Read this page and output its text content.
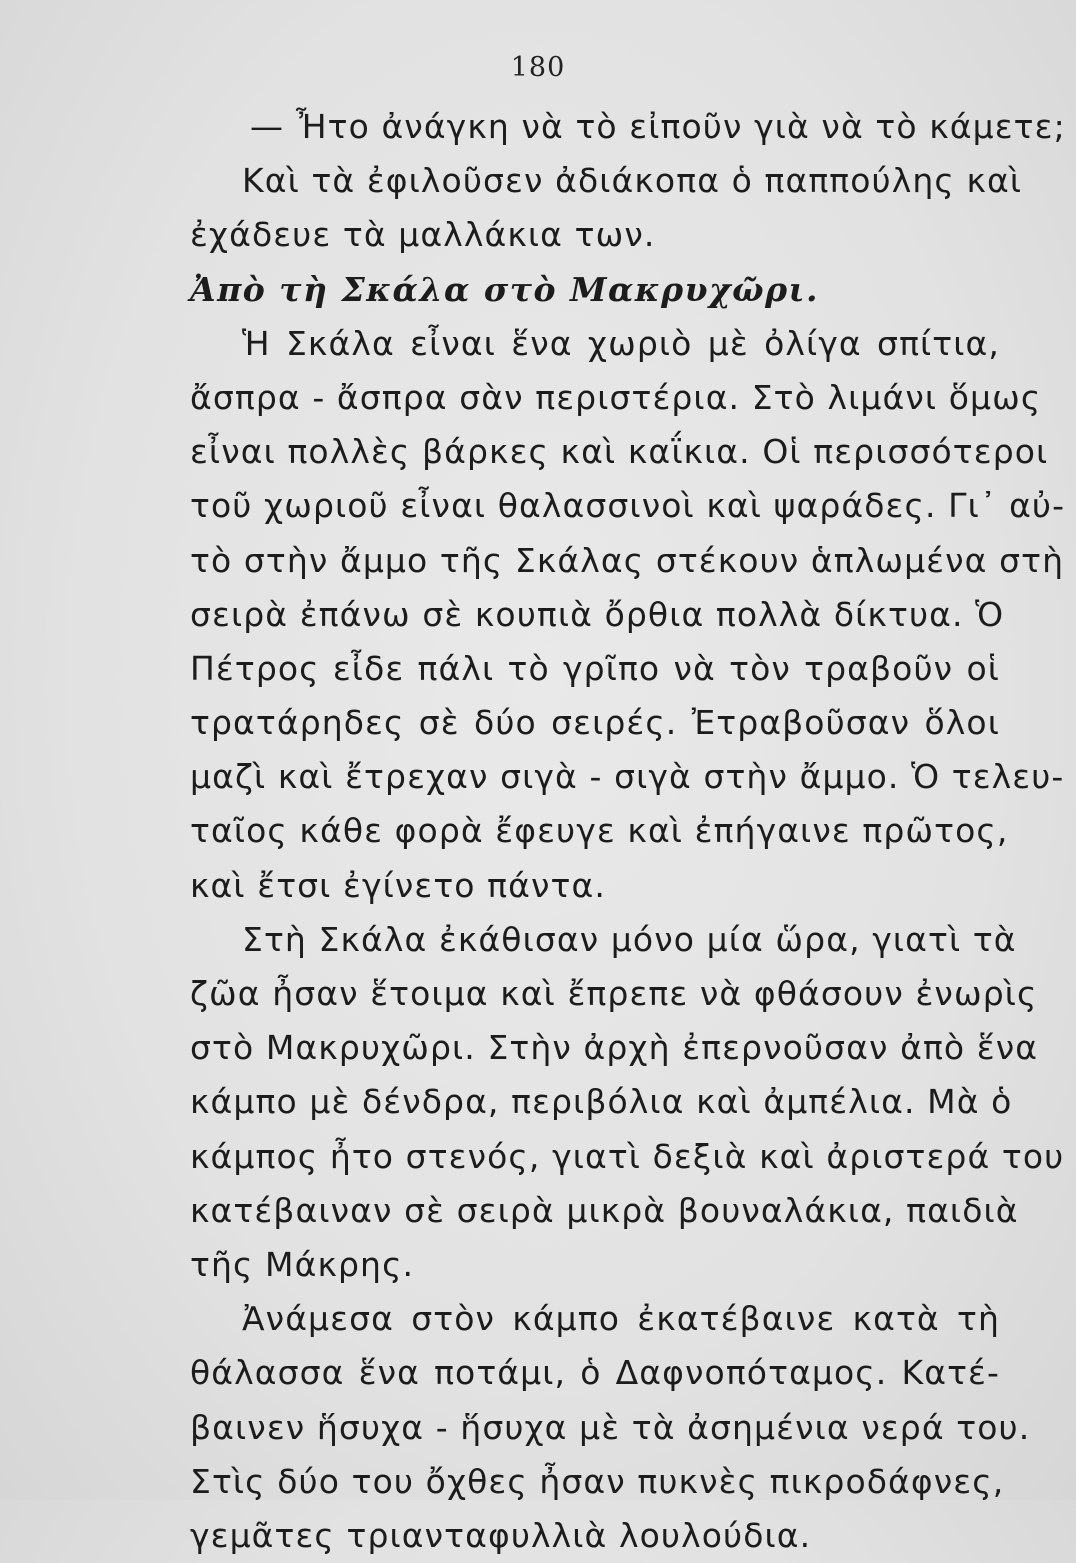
180
— Ἦτο ἀνάγκη νὰ τὸ εἰποῦν γιὰ νὰ τὸ κάμετε;
Καὶ τὰ ἐφιλοῦσεν ἀδιάκοπα ὁ παππούλης καὶ
ἐχάδευε τὰ μαλλάκια των.
Ἀπὸ τὴ Σκάλα στὸ Μακρυχῶρι.
Ἡ Σκάλα εἶναι ἕνα χωριὸ μὲ ὀλίγα σπίτια,
ἄσπρα - ἄσπρα σὰν περιστέρια. Στὸ λιμάνι ὅμως
εἶναι πολλὲς βάρκες καὶ καΐκια. Οἱ περισσότεροι
τοῦ χωριοῦ εἶναι θαλασσινοὶ καὶ ψαράδες. Γι᾿ αὐ-
τὸ στὴν ἄμμο τῆς Σκάλας στέκουν ἁπλωμένα στὴ
σειρὰ ἐπάνω σὲ κουπιὰ ὄρθια πολλὰ δίκτυα. Ὁ
Πέτρος εἶδε πάλι τὸ γρῖπο νὰ τὸν τραβοῦν οἱ
τρατάρηδες σὲ δύο σειρές. Ἐτραβοῦσαν ὅλοι
μαζὶ καὶ ἔτρεχαν σιγὰ - σιγὰ στὴν ἄμμο. Ὁ τελευ-
ταῖος κάθε φορὰ ἔφευγε καὶ ἐπήγαινε πρῶτος,
καὶ ἔτσι ἐγίνετο πάντα.
Στὴ Σκάλα ἐκάθισαν μόνο μία ὥρα, γιατὶ τὰ
ζῶα ἦσαν ἕτοιμα καὶ ἔπρεπε νὰ φθάσουν ἐνωρὶς
στὸ Μακρυχῶρι. Στὴν ἀρχὴ ἐπερνοῦσαν ἀπὸ ἕνα
κάμπο μὲ δένδρα, περιβόλια καὶ ἀμπέλια. Μὰ ὁ
κάμπος ἦτο στενός, γιατὶ δεξιὰ καὶ ἀριστερά του
κατέβαιναν σὲ σειρὰ μικρὰ βουναλάκια, παιδιὰ
τῆς Μάκρης.
Ἀνάμεσα στὸν κάμπο ἐκατέβαινε κατὰ τὴ
θάλασσα ἕνα ποτάμι, ὁ Δαφνοπόταμος. Κατέ-
βαινεν ἥσυχα - ἥσυχα μὲ τὰ ἀσημένια νερά του.
Στὶς δύο του ὄχθες ἦσαν πυκνὲς πικροδάφνες,
γεμᾶτες τριανταφυλλιὰ λουλούδια.
